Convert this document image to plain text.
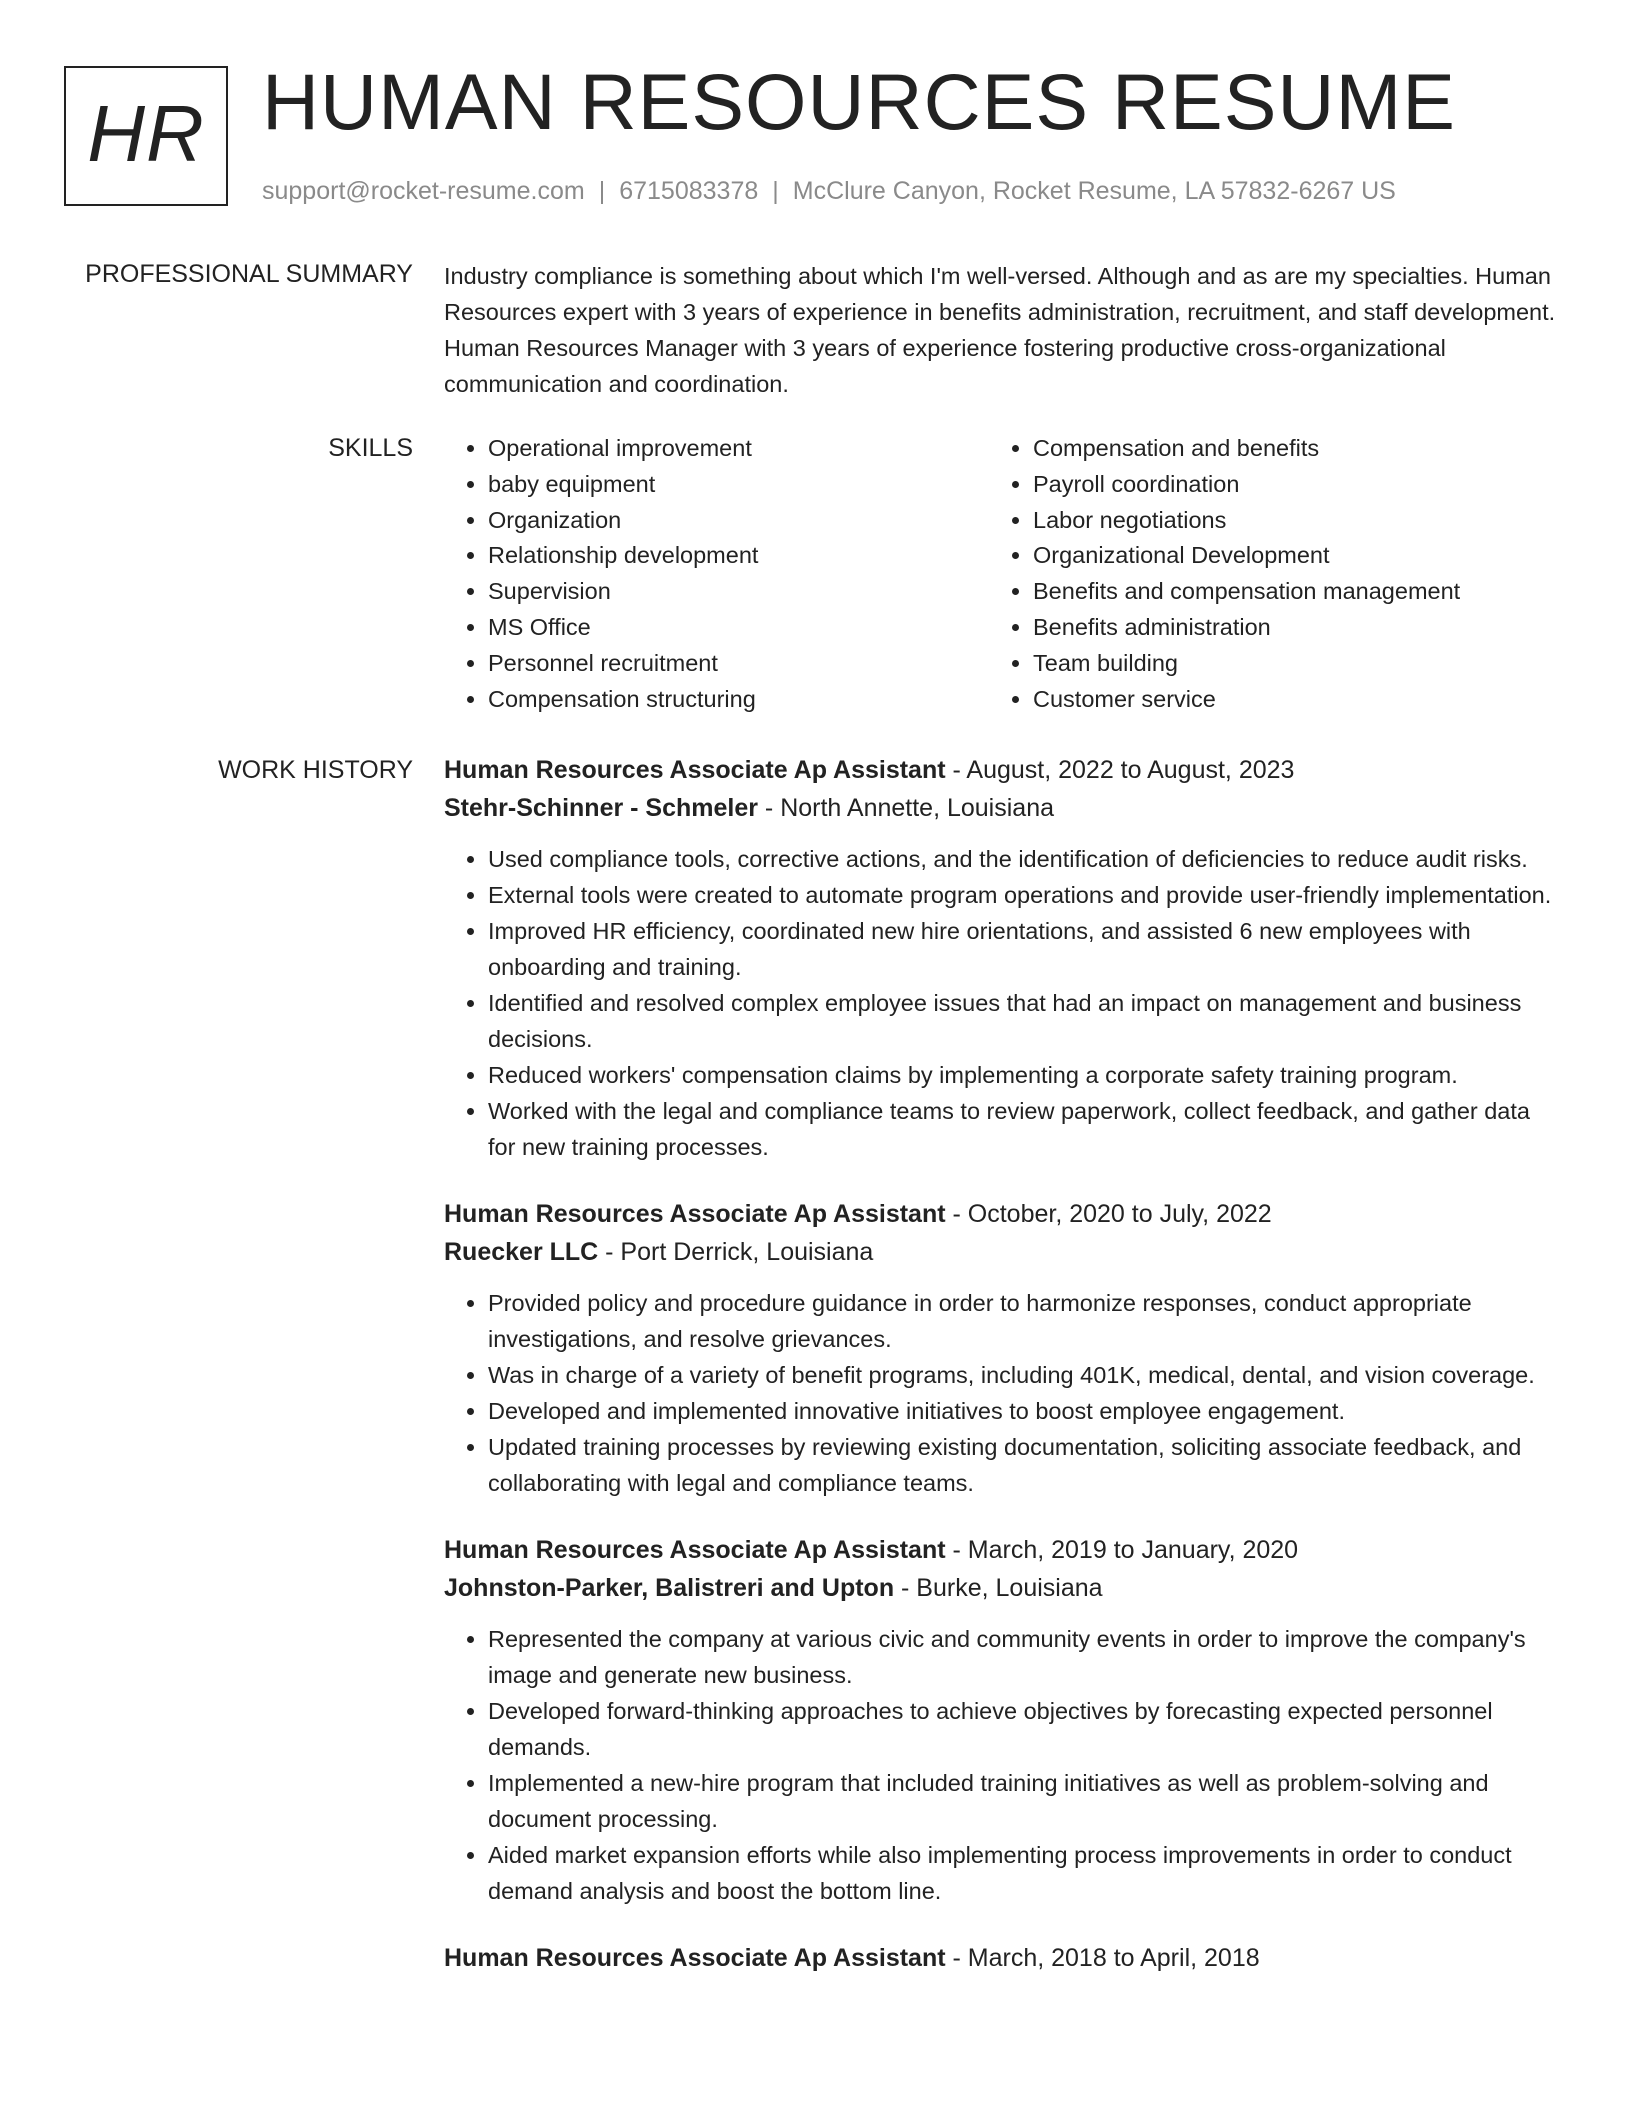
HR HUMAN RESOURCES RESUME
support@rocket-resume.com | 6715083378 | McClure Canyon, Rocket Resume, LA 57832-6267 US
PROFESSIONAL SUMMARY Industry compliance is something about which I'm well-versed. Although and as are my specialties. Human Resources expert with 3 years of experience in benefits administration, recruitment, and staff development. Human Resources Manager with 3 years of experience fostering productive cross-organizational communication and coordination.

SKILLS
•	Operational improvement
• baby equipment
• Organization
• Relationship development
• Supervision
• MS Office
• Personnel recruitment
• Compensation structuring
• Compensation and benefits
• Payroll coordination
• Labor negotiations
• Organizational Development
• Benefits and compensation management
• Benefits administration
• Team building
• Customer service
WORK HISTORY Human Resources Associate Ap Assistant - August, 2022 to August, 2023
Stehr-Schinner - Schmeler - North Annette, Louisiana
• Used compliance tools, corrective actions, and the identification of deficiencies to reduce audit risks.
• External tools were created to automate program operations and provide user-friendly implementation.
• Improved HR efficiency, coordinated new hire orientations, and assisted 6 new employees with onboarding and training.
• Identified and resolved complex employee issues that had an impact on management and business decisions.
• Reduced workers' compensation claims by implementing a corporate safety training program.
• Worked with the legal and compliance teams to review paperwork, collect feedback, and gather data for new training processes.
Human Resources Associate Ap Assistant - October, 2020 to July, 2022
Ruecker LLC - Port Derrick, Louisiana
• Provided policy and procedure guidance in order to harmonize responses, conduct appropriate investigations, and resolve grievances.
• Was in charge of a variety of benefit programs, including 401K, medical, dental, and vision coverage.
• Developed and implemented innovative initiatives to boost employee engagement.
• Updated training processes by reviewing existing documentation, soliciting associate feedback, and collaborating with legal and compliance teams.
Human Resources Associate Ap Assistant - March, 2019 to January, 2020
Johnston-Parker, Balistreri and Upton - Burke, Louisiana
• Represented the company at various civic and community events in order to improve the company's image and generate new business.
• Developed forward-thinking approaches to achieve objectives by forecasting expected personnel demands.
• Implemented a new-hire program that included training initiatives as well as problem-solving and document processing.
• Aided market expansion efforts while also implementing process improvements in order to conduct demand analysis and boost the bottom line.
Human Resources Associate Ap Assistant - March, 2018 to April, 2018
